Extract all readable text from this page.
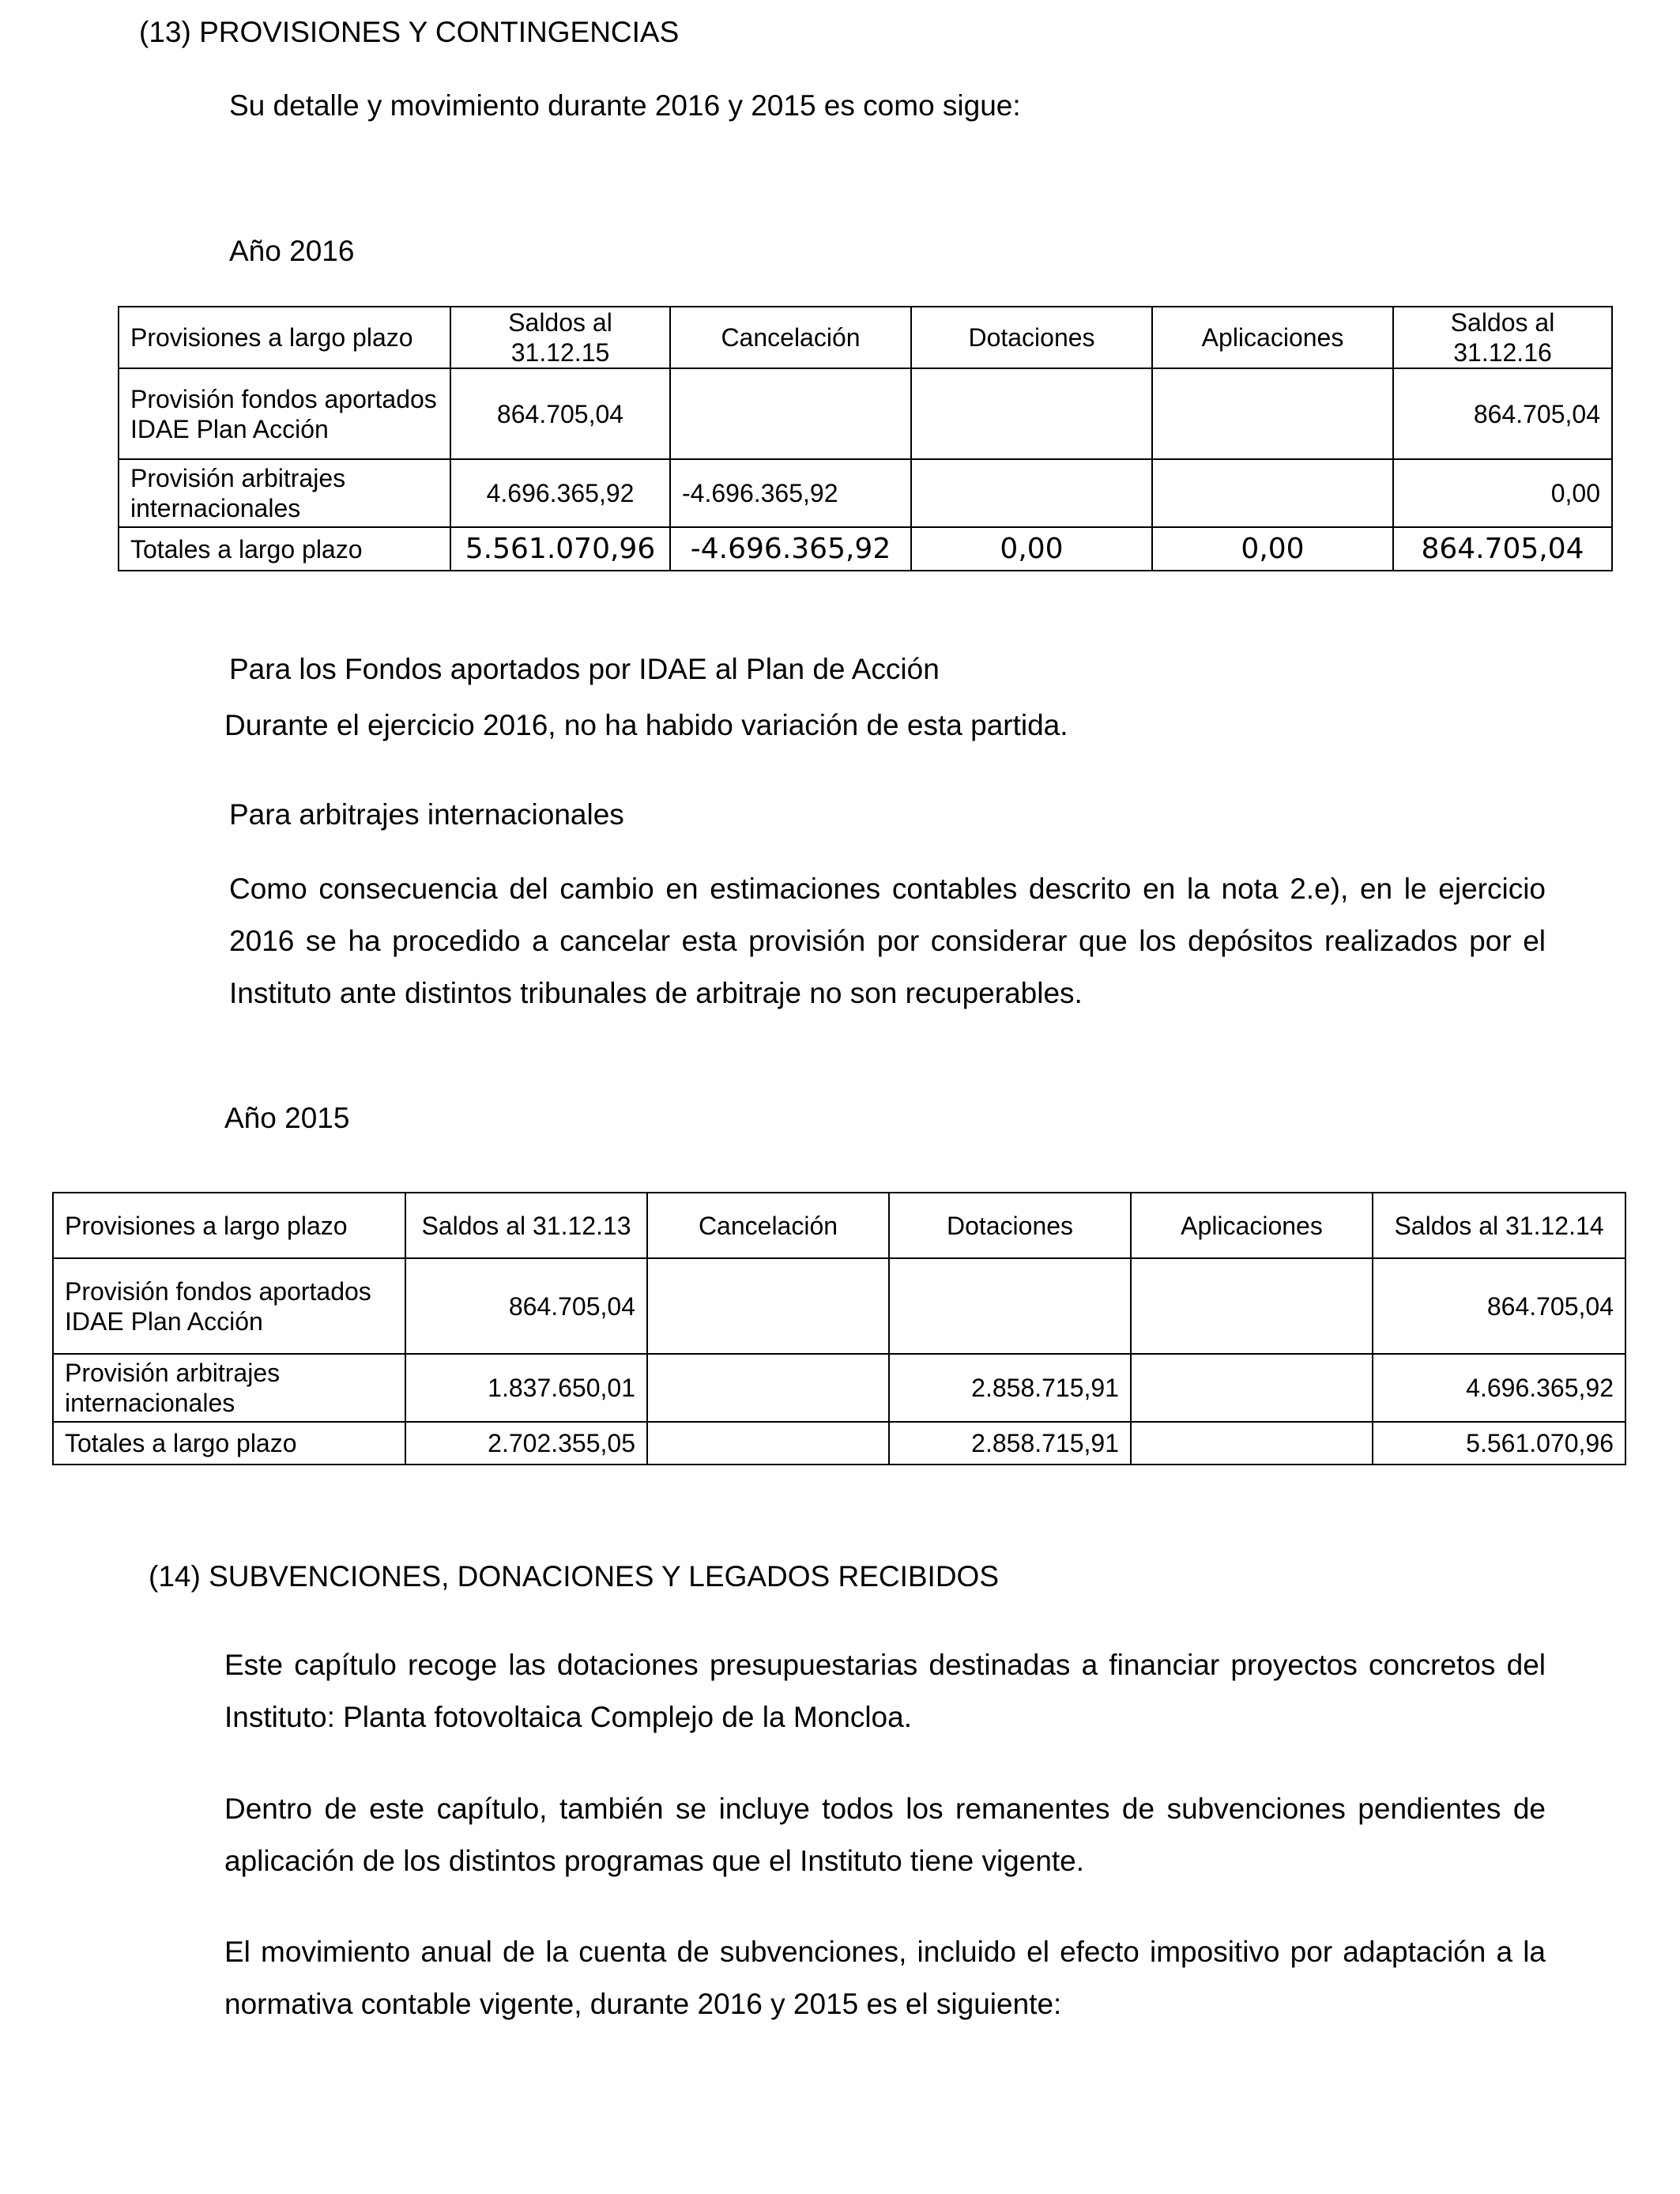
(13) PROVISIONES Y CONTINGENCIAS
Su detalle y movimiento durante 2016 y 2015 es como sigue:
Año 2016
Provisiones a largo plazo	Saldos al 31.12.15	Cancelación	Dotaciones	Aplicaciones	Saldos al 31.12.16
Provisión fondos aportados IDAE Plan Acción	864.705,04				864.705,04
Provisión arbitrajes internacionales	4.696.365,92	-4.696.365,92			0,00
Totales a largo plazo	5.561.070,96	-4.696.365,92	0,00	0,00	864.705,04
Para los Fondos aportados por IDAE al Plan de Acción
Durante el ejercicio 2016, no ha habido variación de esta partida.
Para arbitrajes internacionales
Como consecuencia del cambio en estimaciones contables descrito en la nota 2.e), en le ejercicio 2016 se ha procedido a cancelar esta provisión por considerar que los depósitos realizados por el Instituto ante distintos tribunales de arbitraje no son recuperables.
Año 2015
Provisiones a largo plazo	Saldos al 31.12.13	Cancelación	Dotaciones	Aplicaciones	Saldos al 31.12.14
Provisión fondos aportados IDAE Plan Acción	864.705,04				864.705,04
Provisión arbitrajes internacionales	1.837.650,01		2.858.715,91		4.696.365,92
Totales a largo plazo	2.702.355,05		2.858.715,91		5.561.070,96
(14) SUBVENCIONES, DONACIONES Y LEGADOS RECIBIDOS
Este capítulo recoge las dotaciones presupuestarias destinadas a financiar proyectos concretos del Instituto: Planta fotovoltaica Complejo de la Moncloa.
Dentro de este capítulo, también se incluye todos los remanentes de subvenciones pendientes de aplicación de los distintos programas que el Instituto tiene vigente.
El movimiento anual de la cuenta de subvenciones, incluido el efecto impositivo por adaptación a la normativa contable vigente, durante 2016 y 2015 es el siguiente:
